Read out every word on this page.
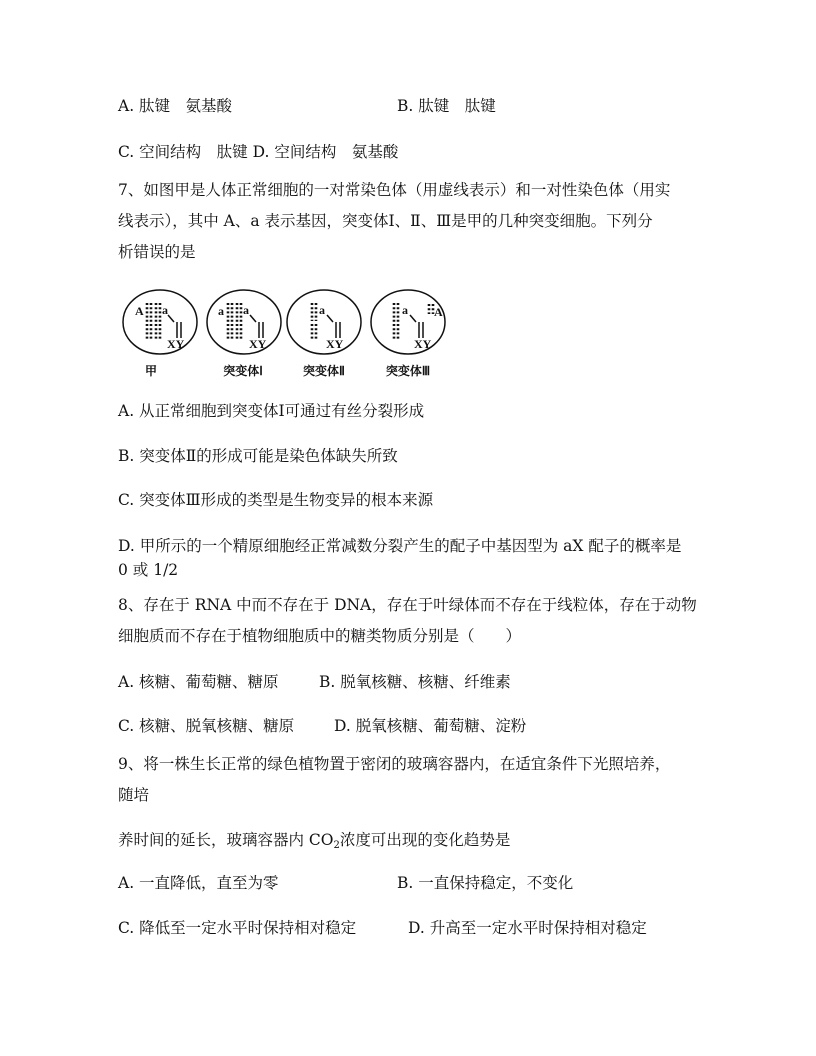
A. 肽键　氨基酸	B. 肽键　肽键
C. 空间结构　肽键 D. 空间结构　氨基酸
7、如图甲是人体正常细胞的一对常染色体（用虚线表示）和一对性染色体（用实
线表示），其中 A、a 表示基因，突变体Ⅰ、Ⅱ、Ⅲ是甲的几种突变细胞。下列分
析错误的是
A a
XY
甲
a a
XY
突变体Ⅰ
a
XY
突变体Ⅱ
a A
XY
突变体Ⅲ
A. 从正常细胞到突变体Ⅰ可通过有丝分裂形成
B. 突变体Ⅱ的形成可能是染色体缺失所致
C. 突变体Ⅲ形成的类型是生物变异的根本来源
D. 甲所示的一个精原细胞经正常减数分裂产生的配子中基因型为 aX 配子的概率是
0 或 1/2
8、存在于 RNA 中而不存在于 DNA，存在于叶绿体而不存在于线粒体，存在于动物
细胞质而不存在于植物细胞质中的糖类物质分别是（　　）
A. 核糖、葡萄糖、糖原	B. 脱氧核糖、核糖、纤维素
C. 核糖、脱氧核糖、糖原	D. 脱氧核糖、葡萄糖、淀粉
9、将一株生长正常的绿色植物置于密闭的玻璃容器内，在适宜条件下光照培养，
随培
养时间的延长，玻璃容器内 $CO_2$浓度可出现的变化趋势是
A. 一直降低，直至为零	B. 一直保持稳定，不变化
C. 降低至一定水平时保持相对稳定	D. 升高至一定水平时保持相对稳定
